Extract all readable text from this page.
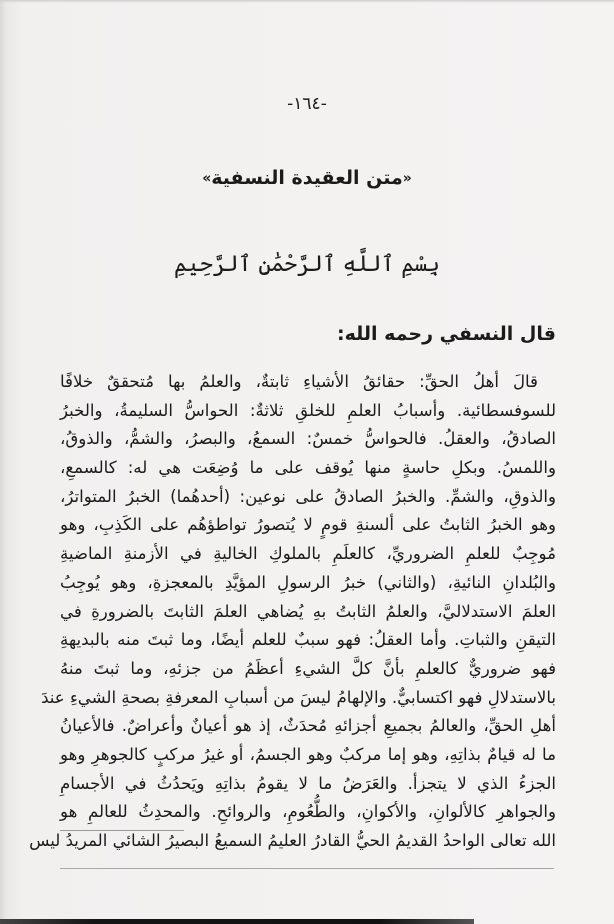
-١٦٤-
«متن العقيدة النسفية»
بِسْمِ ٱللَّهِ ٱلرَّحْمَٰنِ ٱلرَّحِيمِ
قال النسفي رحمه الله:
قالَ أهلُ الحقِّ: حقائقُ الأشياءِ ثابتةٌ، والعلمُ بها مُتحققٌ خلافًا
للسوفسطائية. وأسبابُ العلمِ للخلقِ ثلاثةٌ: الحواسُّ السليمةُ، والخبرُ
الصادقُ، والعقلُ. فالحواسُّ خمسٌ: السمعُ، والبصرُ، والشمُّ، والذوقُ،
واللمسُ. وبكلِ حاسةٍ منها يُوقف على ما وُضِعَت هي له: كالسمعِ،
والذوقِ، والشمِّ. والخبرُ الصادقُ على نوعين: (أحدهُما) الخبرُ المتواترُ،
وهو الخبرُ الثابتُ على ألسنةِ قومٍ لا يُتصورُ تواطؤهُم على الكَذِبِ، وهو
مُوجِبٌ للعلمِ الضروريِّ، كالعلَمِ بالملوكِ الخاليةِ في الأزمنةِ الماضيةِ
والبُلدانِ النائيةِ، (والثاني) خبرُ الرسولِ المؤيَّدِ بالمعجزةِ، وهو يُوجِبُ
العلمَ الاستدلاليَّ، والعلمُ الثابتُ بهِ يُضاهي العلمَ الثابتَ بالضرورةِ في
التيقنِ والثباتِ. وأما العقلُ: فهو سببٌ للعلم أيضًا، وما ثبتَ منه بالبديهةِ
فهو ضروريٌّ كالعلمِ بأنَّ كلَّ الشيءِ أعظَمُ من جزئهِ، وما ثبتَ منهُ
بالاستدلالِ فهو اكتسابيٌّ. والإلهامُ ليسَ من أسبابِ المعرفةِ بصحةِ الشيءِ عندَ
أهلِ الحقِّ، والعالمُ بجميعِ أجزائهِ مُحدَثٌ، إذ هو أعيانٌ وأعراضٌ. فالأعيانُ
ما له قيامٌ بذاتِهِ، وهو إما مركبٌ وهو الجسمُ، أو غيرُ مركبٍ كالجوهرِ وهو
الجزءُ الذي لا يتجزأ. والعَرَضُ ما لا يقومُ بذاتِهِ ويَحدُثُ في الأجسامِ
والجواهرِ كالألوانِ، والأكوانِ، والطُّعُومِ، والروائحِ. والمحدِثُ للعالمِ هو
الله تعالى الواحدُ القديمُ الحيُّ القادرُ العليمُ السميعُ البصيرُ الشائي المريدُ ليس
